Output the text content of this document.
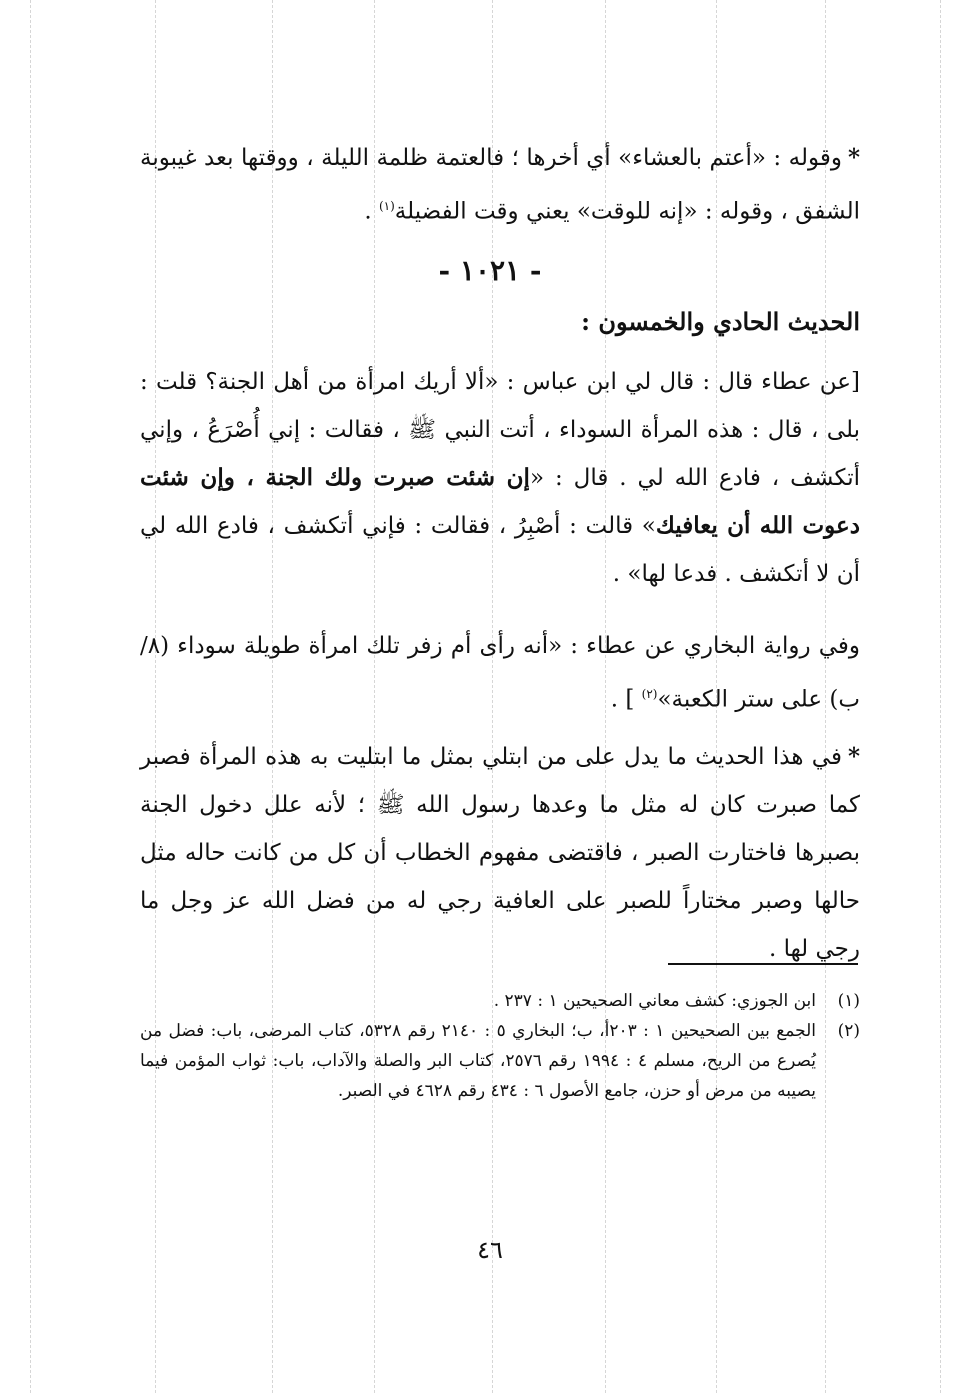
*وقوله : «أعتم بالعشاء» أي أخرها ؛ فالعتمة ظلمة الليلة ، ووقتها بعد غيبوبة الشفق ، وقوله : «إنه للوقت» يعني وقت الفضيلة$^{(١)}$ .

- ١٠٢١ -
الحديث الحادي والخمسون :

[عن عطاء قال : قال لي ابن عباس : «ألا أريك امرأة من أهل الجنة؟ قلت : بلى ، قال : هذه المرأة السوداء ، أتت النبي ﷺ ، فقالت : إني أُصْرَعُ ، وإني أتكشف ، فادع الله لي . قال : «إن شئت صبرت ولك الجنة ، وإن شئت دعوت الله أن يعافيك» قالت : أصْبِرُ ، فقالت : فإني أتكشف ، فادع الله لي أن لا أتكشف . فدعا لها» .

وفي رواية البخاري عن عطاء : «أنه رأى أم زفر تلك امرأة طويلة سوداء (٨/ ب) على ستر الكعبة»$^{(٢)}$ ] .

*في هذا الحديث ما يدل على من ابتلي بمثل ما ابتليت به هذه المرأة فصبر كما صبرت كان له مثل ما وعدها رسول الله ﷺ ؛ لأنه علل دخول الجنة بصبرها فاختارت الصبر ، فاقتضى مفهوم الخطاب أن كل من كانت حاله مثل حالها وصبر مختاراً للصبر على العافية رجي له من فضل الله عز وجل ما رجي لها .

(١)
ابن الجوزي: كشف معاني الصحيحين ١ : ٢٣٧ .
(٢)
الجمع بين الصحيحين ١ : ٢٠٣أ، ب؛ البخاري ٥ : ٢١٤٠ رقم ٥٣٢٨، كتاب المرضى، باب: فضل من يُصرع من الريح، مسلم ٤ : ١٩٩٤ رقم ٢٥٧٦، كتاب البر والصلة والآداب، باب: ثواب المؤمن فيما يصيبه من مرض أو حزن، جامع الأصول ٦ : ٤٣٤ رقم ٤٦٢٨ في الصبر.
٤٦
